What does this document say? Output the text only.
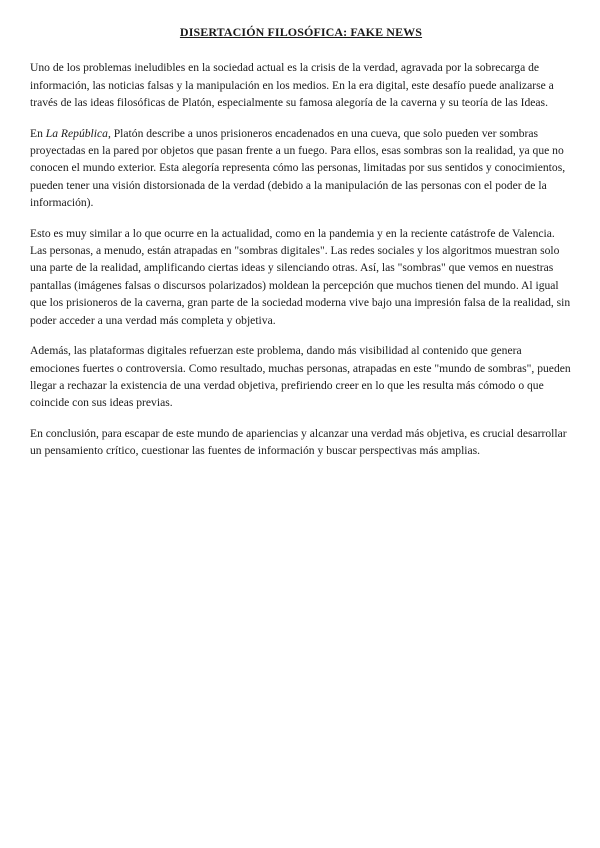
DISERTACIÓN FILOSÓFICA: FAKE NEWS

Uno de los problemas ineludibles en la sociedad actual es la crisis de la verdad, agravada por la sobrecarga de información, las noticias falsas y la manipulación en los medios. En la era digital, este desafío puede analizarse a través de las ideas filosóficas de Platón, especialmente su famosa alegoría de la caverna y su teoría de las Ideas.

En La República, Platón describe a unos prisioneros encadenados en una cueva, que solo pueden ver sombras proyectadas en la pared por objetos que pasan frente a un fuego. Para ellos, esas sombras son la realidad, ya que no conocen el mundo exterior. Esta alegoría representa cómo las personas, limitadas por sus sentidos y conocimientos, pueden tener una visión distorsionada de la verdad (debido a la manipulación de las personas con el poder de la información).

Esto es muy similar a lo que ocurre en la actualidad, como en la pandemia y en la reciente catástrofe de Valencia. Las personas, a menudo, están atrapadas en "sombras digitales". Las redes sociales y los algoritmos muestran solo una parte de la realidad, amplificando ciertas ideas y silenciando otras. Así, las "sombras" que vemos en nuestras pantallas (imágenes falsas o discursos polarizados) moldean la percepción que muchos tienen del mundo. Al igual que los prisioneros de la caverna, gran parte de la sociedad moderna vive bajo una impresión falsa de la realidad, sin poder acceder a una verdad más completa y objetiva.

Además, las plataformas digitales refuerzan este problema, dando más visibilidad al contenido que genera emociones fuertes o controversia. Como resultado, muchas personas, atrapadas en este "mundo de sombras", pueden llegar a rechazar la existencia de una verdad objetiva, prefiriendo creer en lo que les resulta más cómodo o que coincide con sus ideas previas.

En conclusión, para escapar de este mundo de apariencias y alcanzar una verdad más objetiva, es crucial desarrollar un pensamiento crítico, cuestionar las fuentes de información y buscar perspectivas más amplias.
